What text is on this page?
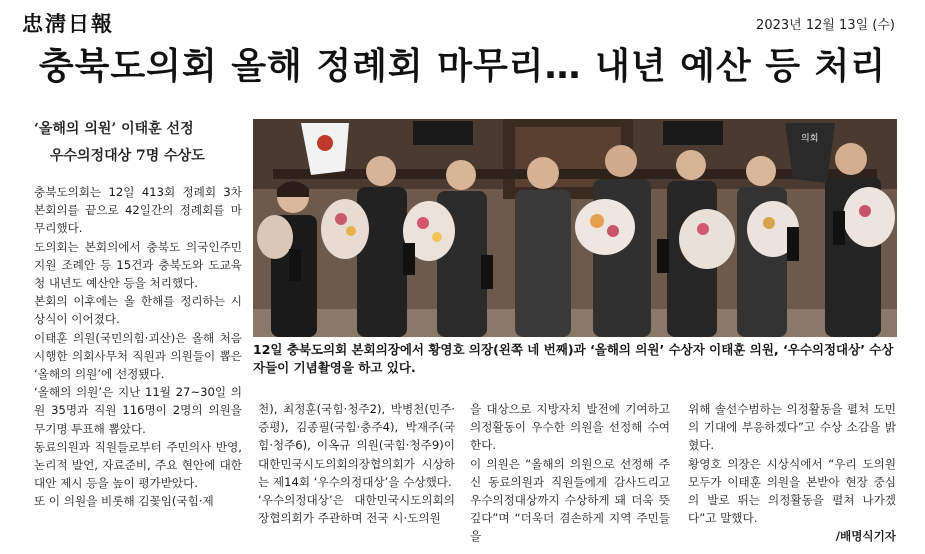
忠淸日報	2023년 12월 13일 (수)
충북도의회 올해 정례회 마무리… 내년 예산 등 처리
‘올해의 의원’ 이태훈 선정
우수의정대상 7명 수상도
의회
12일 충북도의회 본회의장에서 황영호 의장(왼쪽 네 번째)과 ‘올해의 의원’ 수상자 이태훈 의원, ‘우수의정대상’ 수상자들이 기념촬영을 하고 있다.

충북도의회는 12일 413회 정례회 3차 본회의를 끝으로 42일간의 정례회를 마무리했다.

도의회는 본회의에서 충북도 의국인주민 지원 조례안 등 15건과 충북도와 도교육청 내년도 예산안 등을 처리했다.

본회의 이후에는 올 한해를 정리하는 시상식이 이어졌다.

이태훈 의원(국민의힘·괴산)은 올해 처음 시행한 의회사무처 직원과 의원들이 뽑은 ‘올해의 의원’에 선정됐다.

‘올해의 의원’은 지난 11월 27~30일 의원 35명과 직원 116명이 2명의 의원을 무기명 투표해 뽑았다.

동료의원과 직원들로부터 주민의사 반영, 논리적 발언, 자료준비, 주요 현안에 대한 대안 제시 등을 높이 평가받았다.

또 이 의원을 비롯해 김꽃임(국힘·제

천), 최정훈(국힘·청주2), 박병천(민주·증평), 김종필(국힘·충주4), 박재주(국힘·청주6), 이옥규 의원(국힘·청주9)이 대한민국시도의회의장협의회가 시상하는 제14회 ‘우수의정대상’을 수상했다.

‘우수의정대상’은 대한민국시도의회의장협의회가 주관하며 전국 시·도의원

을 대상으로 지방자치 발전에 기여하고 의정활동이 우수한 의원을 선정해 수여한다.

이 의원은 “올해의 의원으로 선정해 주신 동료의원과 직원들에게 감사드리고 우수의정대상까지 수상하게 돼 더욱 뜻깊다”며 “더욱더 겸손하게 지역 주민들을

위해 솔선수범하는 의정활동을 펼쳐 도민의 기대에 부응하겠다”고 수상 소감을 밝혔다.

황영호 의장은 시상식에서 “우리 도의원 모두가 이태훈 의원을 본받아 현장 중심의 발로 뛰는 의정활동을 펼쳐 나가겠다”고 말했다.

/배명식기자
